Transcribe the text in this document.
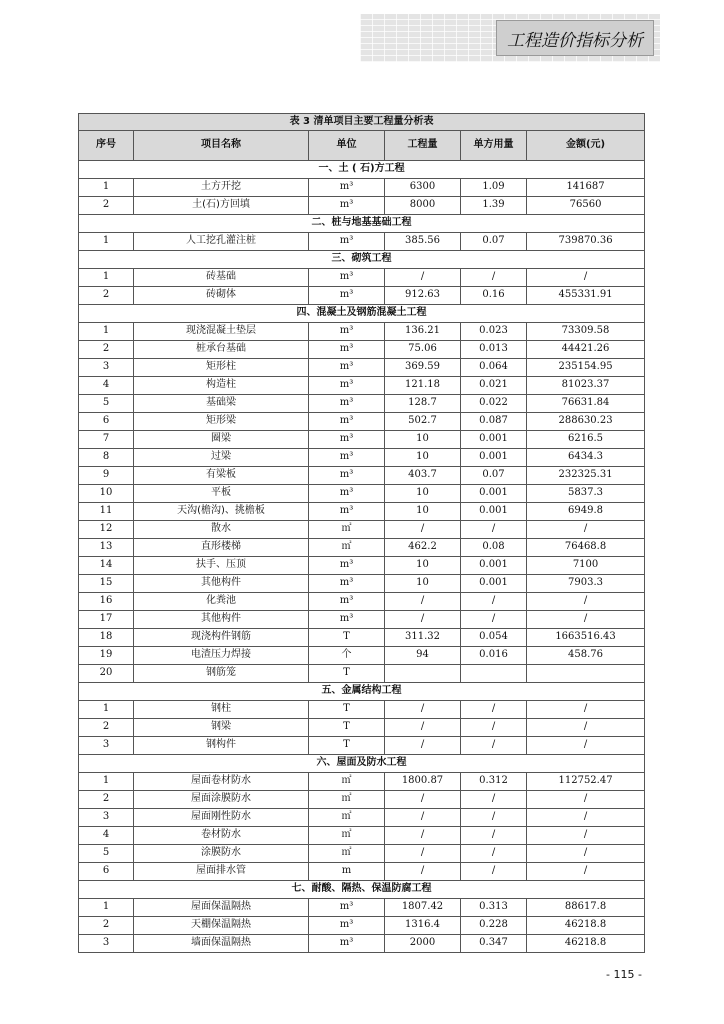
工程造价指标分析
表 3 清单项目主要工程量分析表					
序号	项目名称	单位	工程量	单方用量	金额(元)
一、土 ( 石)方工程					
1	土方开挖	m³	6300	1.09	141687
2	土(石)方回填	m³	8000	1.39	76560
二、桩与地基基础工程					
1	人工挖孔灌注桩	m³	385.56	0.07	739870.36
三、砌筑工程					
1	砖基础	m³	/	/	/
2	砖砌体	m³	912.63	0.16	455331.91
四、混凝土及钢筋混凝土工程					
1	现浇混凝土垫层	m³	136.21	0.023	73309.58
2	桩承台基础	m³	75.06	0.013	44421.26
3	矩形柱	m³	369.59	0.064	235154.95
4	构造柱	m³	121.18	0.021	81023.37
5	基础梁	m³	128.7	0.022	76631.84
6	矩形梁	m³	502.7	0.087	288630.23
7	圈梁	m³	10	0.001	6216.5
8	过梁	m³	10	0.001	6434.3
9	有梁板	m³	403.7	0.07	232325.31
10	平板	m³	10	0.001	5837.3
11	天沟(檐沟)、挑檐板	m³	10	0.001	6949.8
12	散水	㎡	/	/	/
13	直形楼梯	㎡	462.2	0.08	76468.8
14	扶手、压顶	m³	10	0.001	7100
15	其他构件	m³	10	0.001	7903.3
16	化粪池	m³	/	/	/
17	其他构件	m³	/	/	/
18	现浇构件钢筋	T	311.32	0.054	1663516.43
19	电渣压力焊接	个	94	0.016	458.76
20	钢筋笼	T			
五、金属结构工程					
1	钢柱	T	/	/	/
2	钢梁	T	/	/	/
3	钢构件	T	/	/	/
六、屋面及防水工程					
1	屋面卷材防水	㎡	1800.87	0.312	112752.47
2	屋面涂膜防水	㎡	/	/	/
3	屋面刚性防水	㎡	/	/	/
4	卷材防水	㎡	/	/	/
5	涂膜防水	㎡	/	/	/
6	屋面排水管	m	/	/	/
七、耐酸、隔热、保温防腐工程					
1	屋面保温隔热	m³	1807.42	0.313	88617.8
2	天棚保温隔热	m³	1316.4	0.228	46218.8
3	墙面保温隔热	m³	2000	0.347	46218.8
- 115 -
